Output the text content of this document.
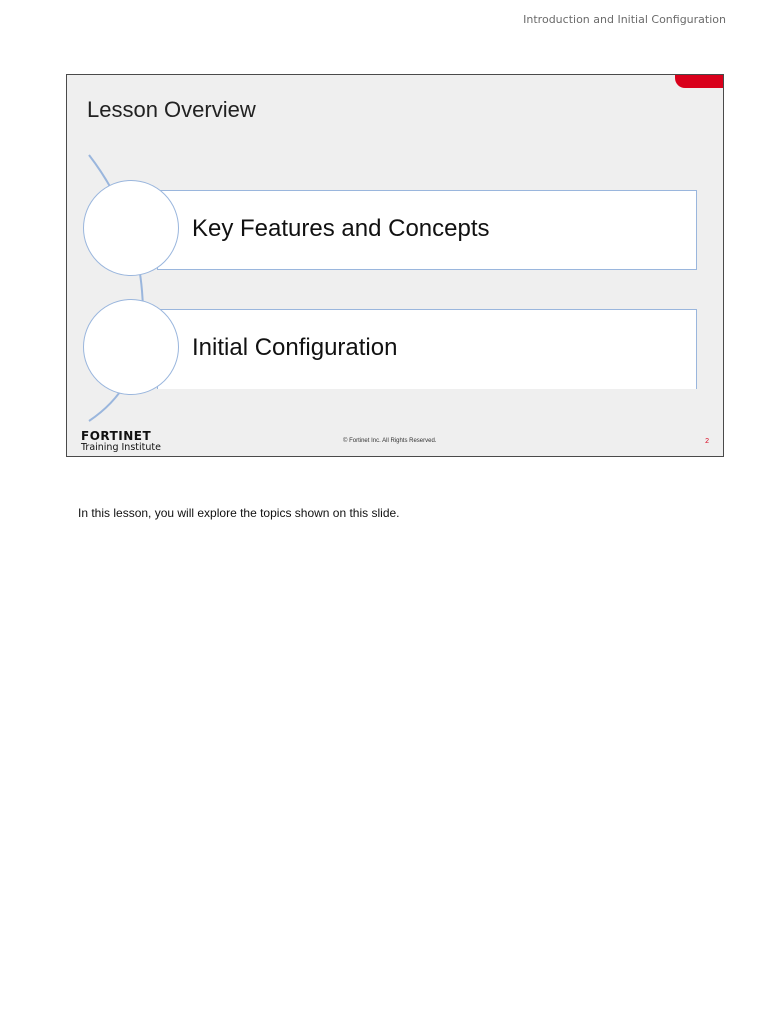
Introduction and Initial Configuration
Lesson Overview
Key Features and Concepts
Initial Configuration
FORTINET
Training Institute
© Fortinet Inc. All Rights Reserved.	2
In this lesson, you will explore the topics shown on this slide.
